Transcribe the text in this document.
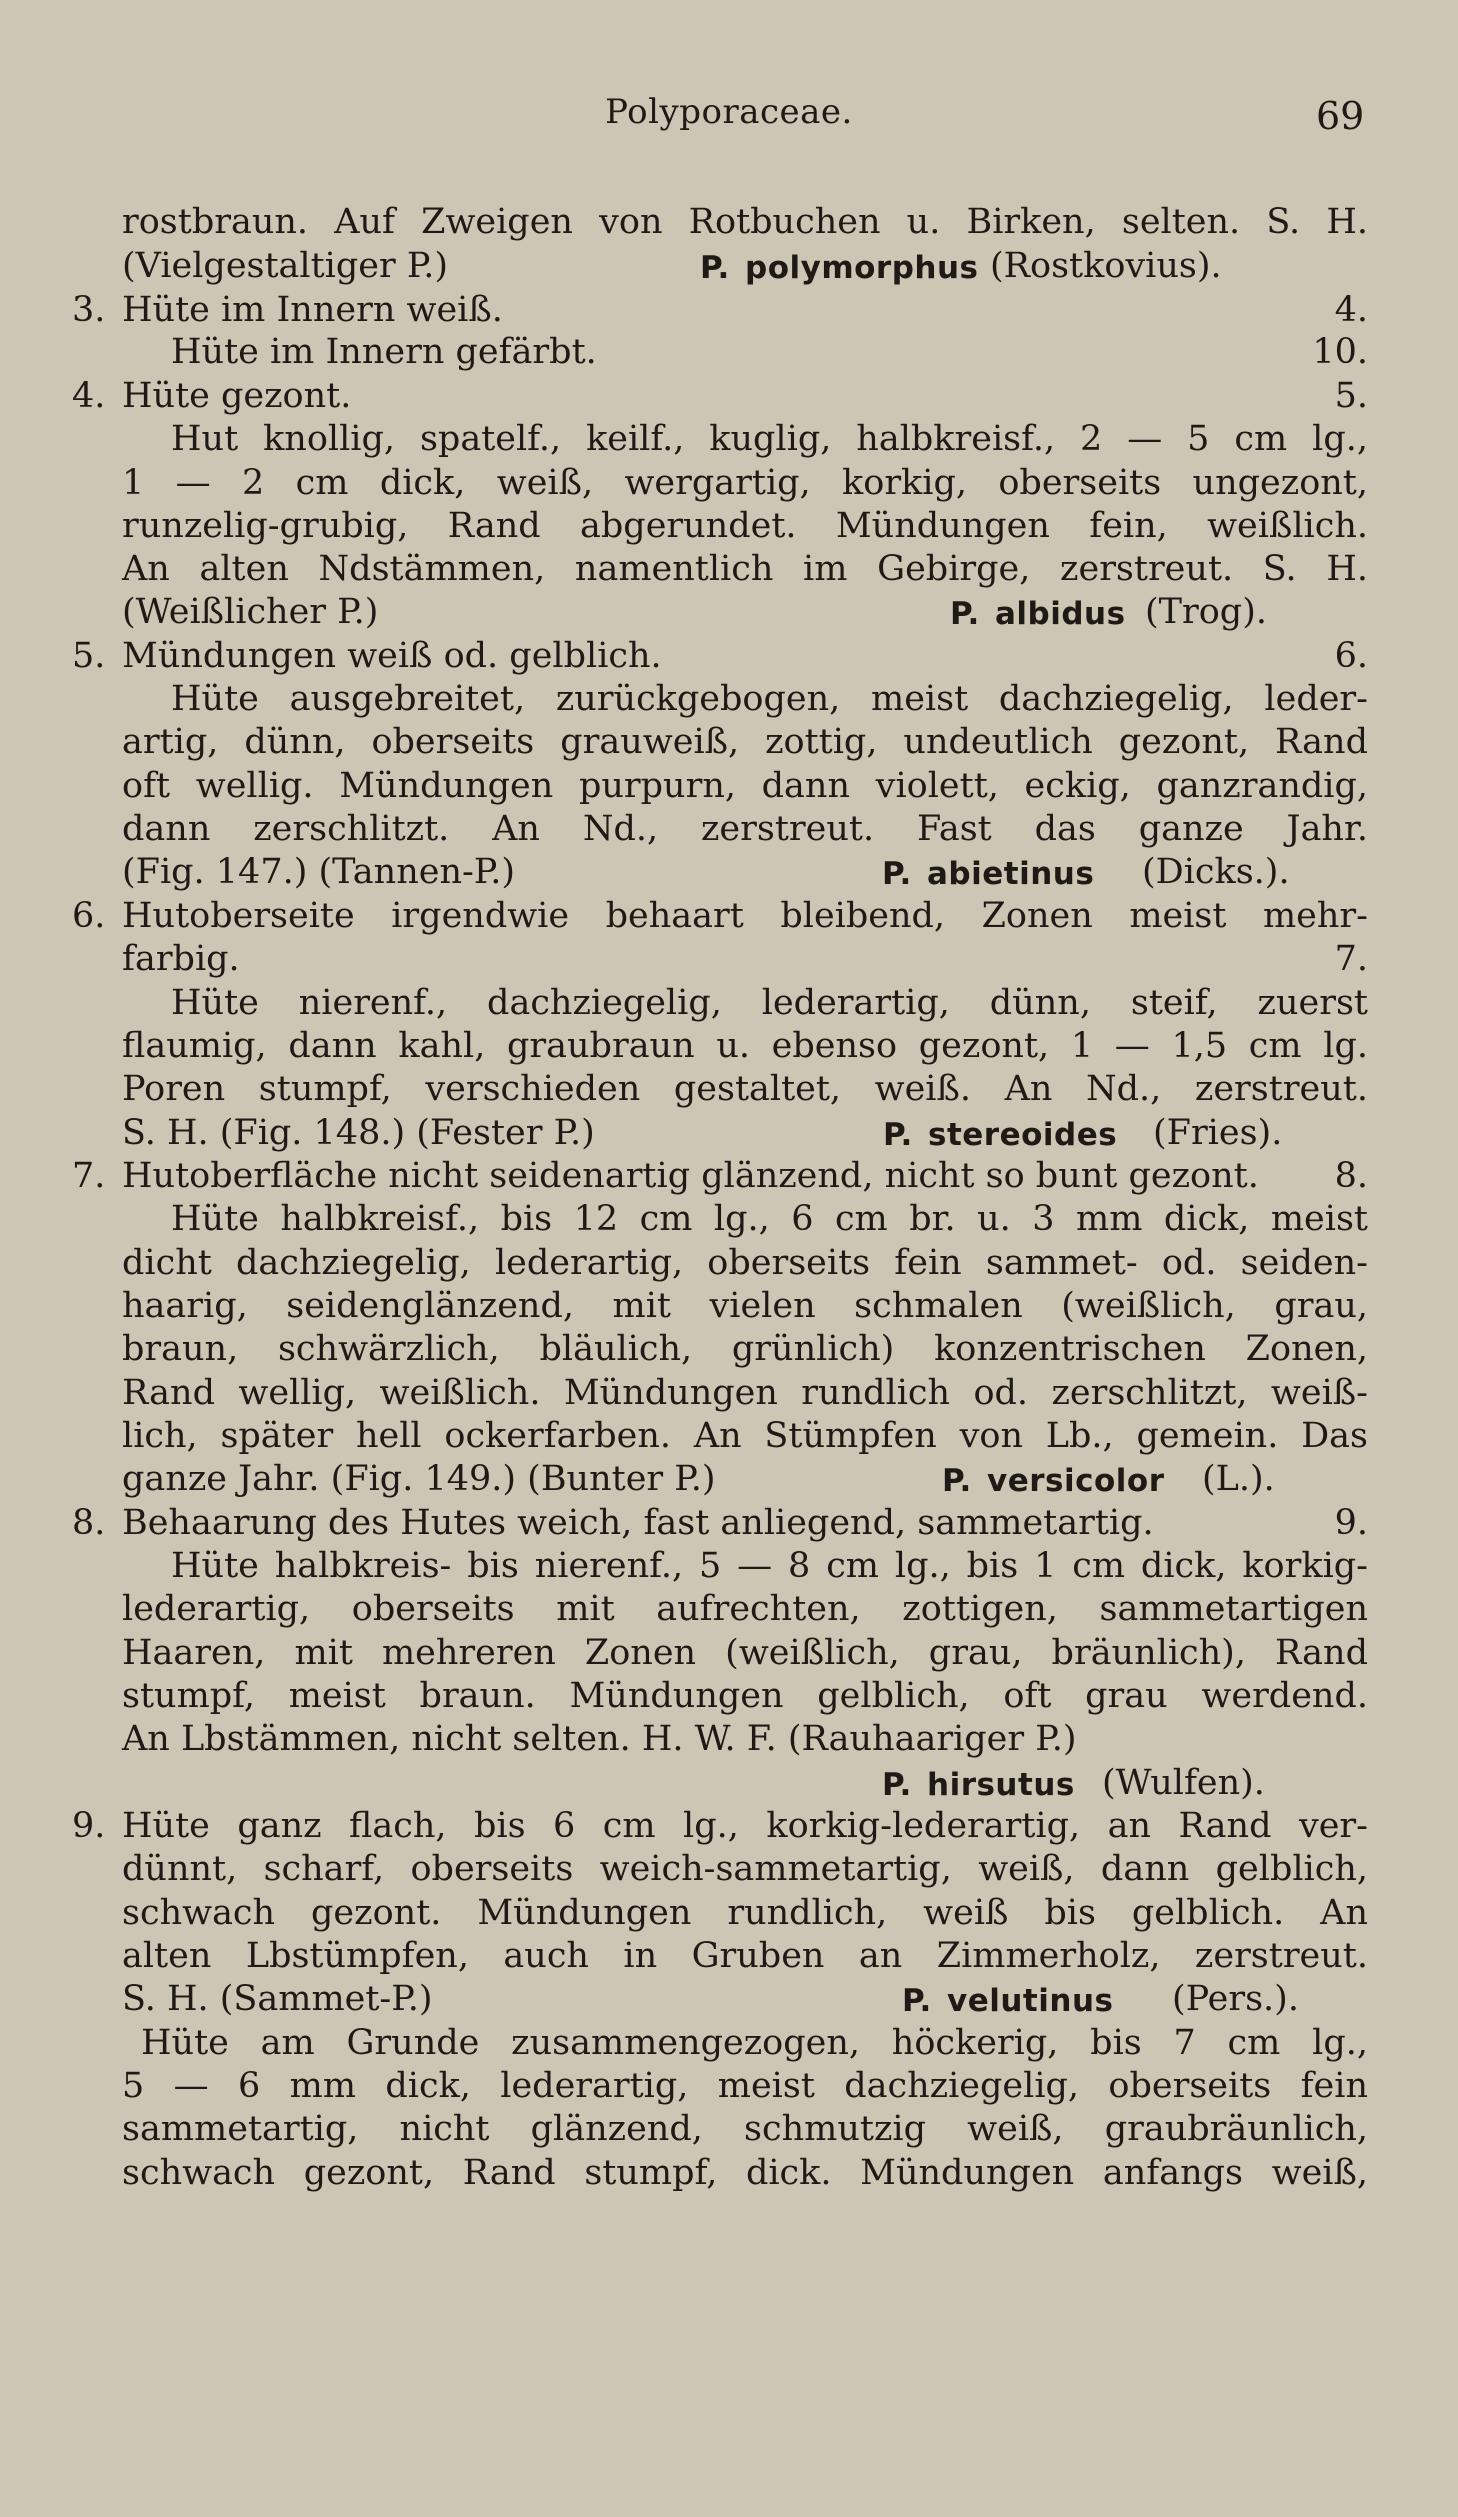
Polyporaceae.	69
rostbraun. Auf Zweigen von Rotbuchen u. Birken, selten. S. H.
(Vielgestaltiger P.)	P. polymorphus (Rostkovius).
3. Hüte im Innern weiß.	4.
Hüte im Innern gefärbt.	10.
4. Hüte gezont.	5.
Hut knollig, spatelf., keilf., kuglig, halbkreisf., 2 — 5 cm lg.,
1 — 2 cm dick, weiß, wergartig, korkig, oberseits ungezont,
runzelig-grubig, Rand abgerundet. Mündungen fein, weißlich.
An alten Ndstämmen, namentlich im Gebirge, zerstreut. S. H.
(Weißlicher P.)	P. albidus (Trog).
5. Mündungen weiß od. gelblich.	6.
Hüte ausgebreitet, zurückgebogen, meist dachziegelig, leder-
artig, dünn, oberseits grauweiß, zottig, undeutlich gezont, Rand
oft wellig. Mündungen purpurn, dann violett, eckig, ganzrandig,
dann zerschlitzt. An Nd., zerstreut. Fast das ganze Jahr.
(Fig. 147.) (Tannen-P.)	P. abietinus (Dicks.).
6. Hutoberseite irgendwie behaart bleibend, Zonen meist mehr-
farbig.	7.
Hüte nierenf., dachziegelig, lederartig, dünn, steif, zuerst
flaumig, dann kahl, graubraun u. ebenso gezont, 1 — 1,5 cm lg.
Poren stumpf, verschieden gestaltet, weiß. An Nd., zerstreut.
S. H. (Fig. 148.) (Fester P.)	P. stereoides (Fries).
7. Hutoberfläche nicht seidenartig glänzend, nicht so bunt gezont. 8.
Hüte halbkreisf., bis 12 cm lg., 6 cm br. u. 3 mm dick, meist
dicht dachziegelig, lederartig, oberseits fein sammet- od. seiden-
haarig, seidenglänzend, mit vielen schmalen (weißlich, grau,
braun, schwärzlich, bläulich, grünlich) konzentrischen Zonen,
Rand wellig, weißlich. Mündungen rundlich od. zerschlitzt, weiß-
lich, später hell ockerfarben. An Stümpfen von Lb., gemein. Das
ganze Jahr. (Fig. 149.) (Bunter P.)	P. versicolor (L.).
8. Behaarung des Hutes weich, fast anliegend, sammetartig.	9.
Hüte halbkreis- bis nierenf., 5 — 8 cm lg., bis 1 cm dick, korkig-
lederartig, oberseits mit aufrechten, zottigen, sammetartigen
Haaren, mit mehreren Zonen (weißlich, grau, bräunlich), Rand
stumpf, meist braun. Mündungen gelblich, oft grau werdend.
An Lbstämmen, nicht selten. H. W. F. (Rauhaariger P.)
P. hirsutus (Wulfen).
9. Hüte ganz flach, bis 6 cm lg., korkig-lederartig, an Rand ver-
dünnt, scharf, oberseits weich-sammetartig, weiß, dann gelblich,
schwach gezont. Mündungen rundlich, weiß bis gelblich. An
alten Lbstümpfen, auch in Gruben an Zimmerholz, zerstreut.
S. H. (Sammet-P.)	P. velutinus (Pers.).
Hüte am Grunde zusammengezogen, höckerig, bis 7 cm lg.,
5 — 6 mm dick, lederartig, meist dachziegelig, oberseits fein
sammetartig, nicht glänzend, schmutzig weiß, graubräunlich,
schwach gezont, Rand stumpf, dick. Mündungen anfangs weiß,
